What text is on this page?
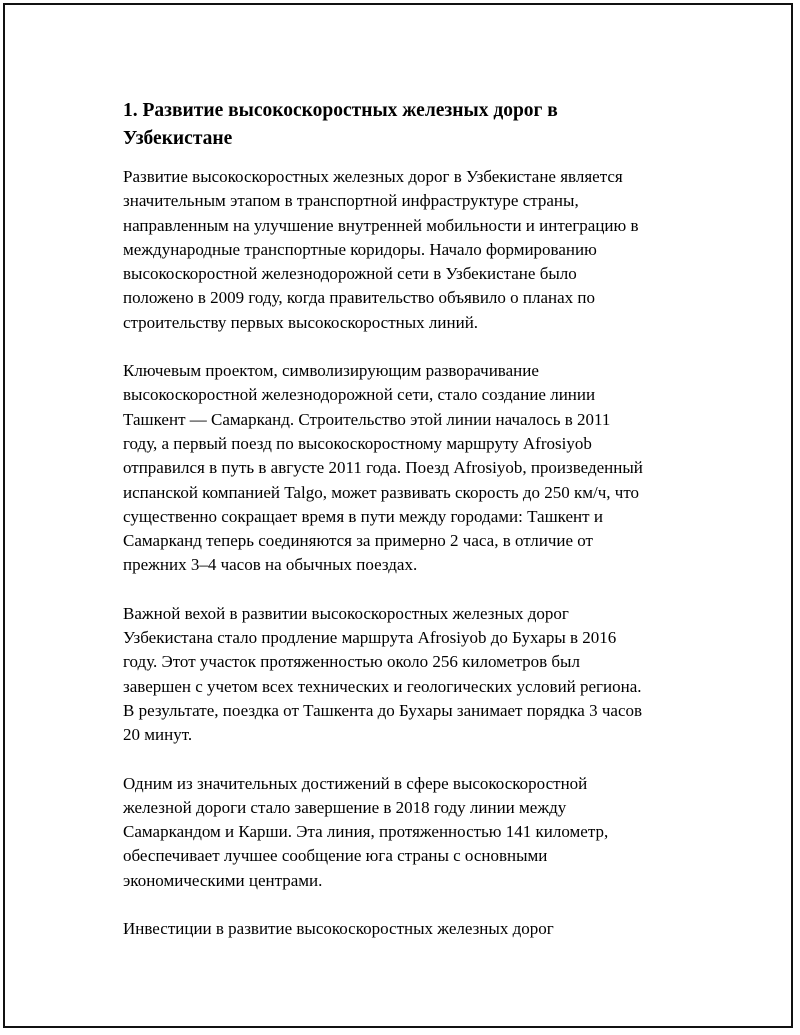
1. Развитие высокоскоростных железных дорог в
Узбекистане
Развитие высокоскоростных железных дорог в Узбекистане является
значительным этапом в транспортной инфраструктуре страны,
направленным на улучшение внутренней мобильности и интеграцию в
международные транспортные коридоры. Начало формированию
высокоскоростной железнодорожной сети в Узбекистане было
положено в 2009 году, когда правительство объявило о планах по
строительству первых высокоскоростных линий.
Ключевым проектом, символизирующим разворачивание
высокоскоростной железнодорожной сети, стало создание линии
Ташкент — Самарканд. Строительство этой линии началось в 2011
году, а первый поезд по высокоскоростному маршруту Afrosiyob
отправился в путь в августе 2011 года. Поезд Afrosiyob, произведенный
испанской компанией Talgo, может развивать скорость до 250 км/ч, что
существенно сокращает время в пути между городами: Ташкент и
Самарканд теперь соединяются за примерно 2 часа, в отличие от
прежних 3–4 часов на обычных поездах.
Важной вехой в развитии высокоскоростных железных дорог
Узбекистана стало продление маршрута Afrosiyob до Бухары в 2016
году. Этот участок протяженностью около 256 километров был
завершен с учетом всех технических и геологических условий региона.
В результате, поездка от Ташкента до Бухары занимает порядка 3 часов
20 минут.
Одним из значительных достижений в сфере высокоскоростной
железной дороги стало завершение в 2018 году линии между
Самаркандом и Карши. Эта линия, протяженностью 141 километр,
обеспечивает лучшее сообщение юга страны с основными
экономическими центрами.
Инвестиции в развитие высокоскоростных железных дорог
